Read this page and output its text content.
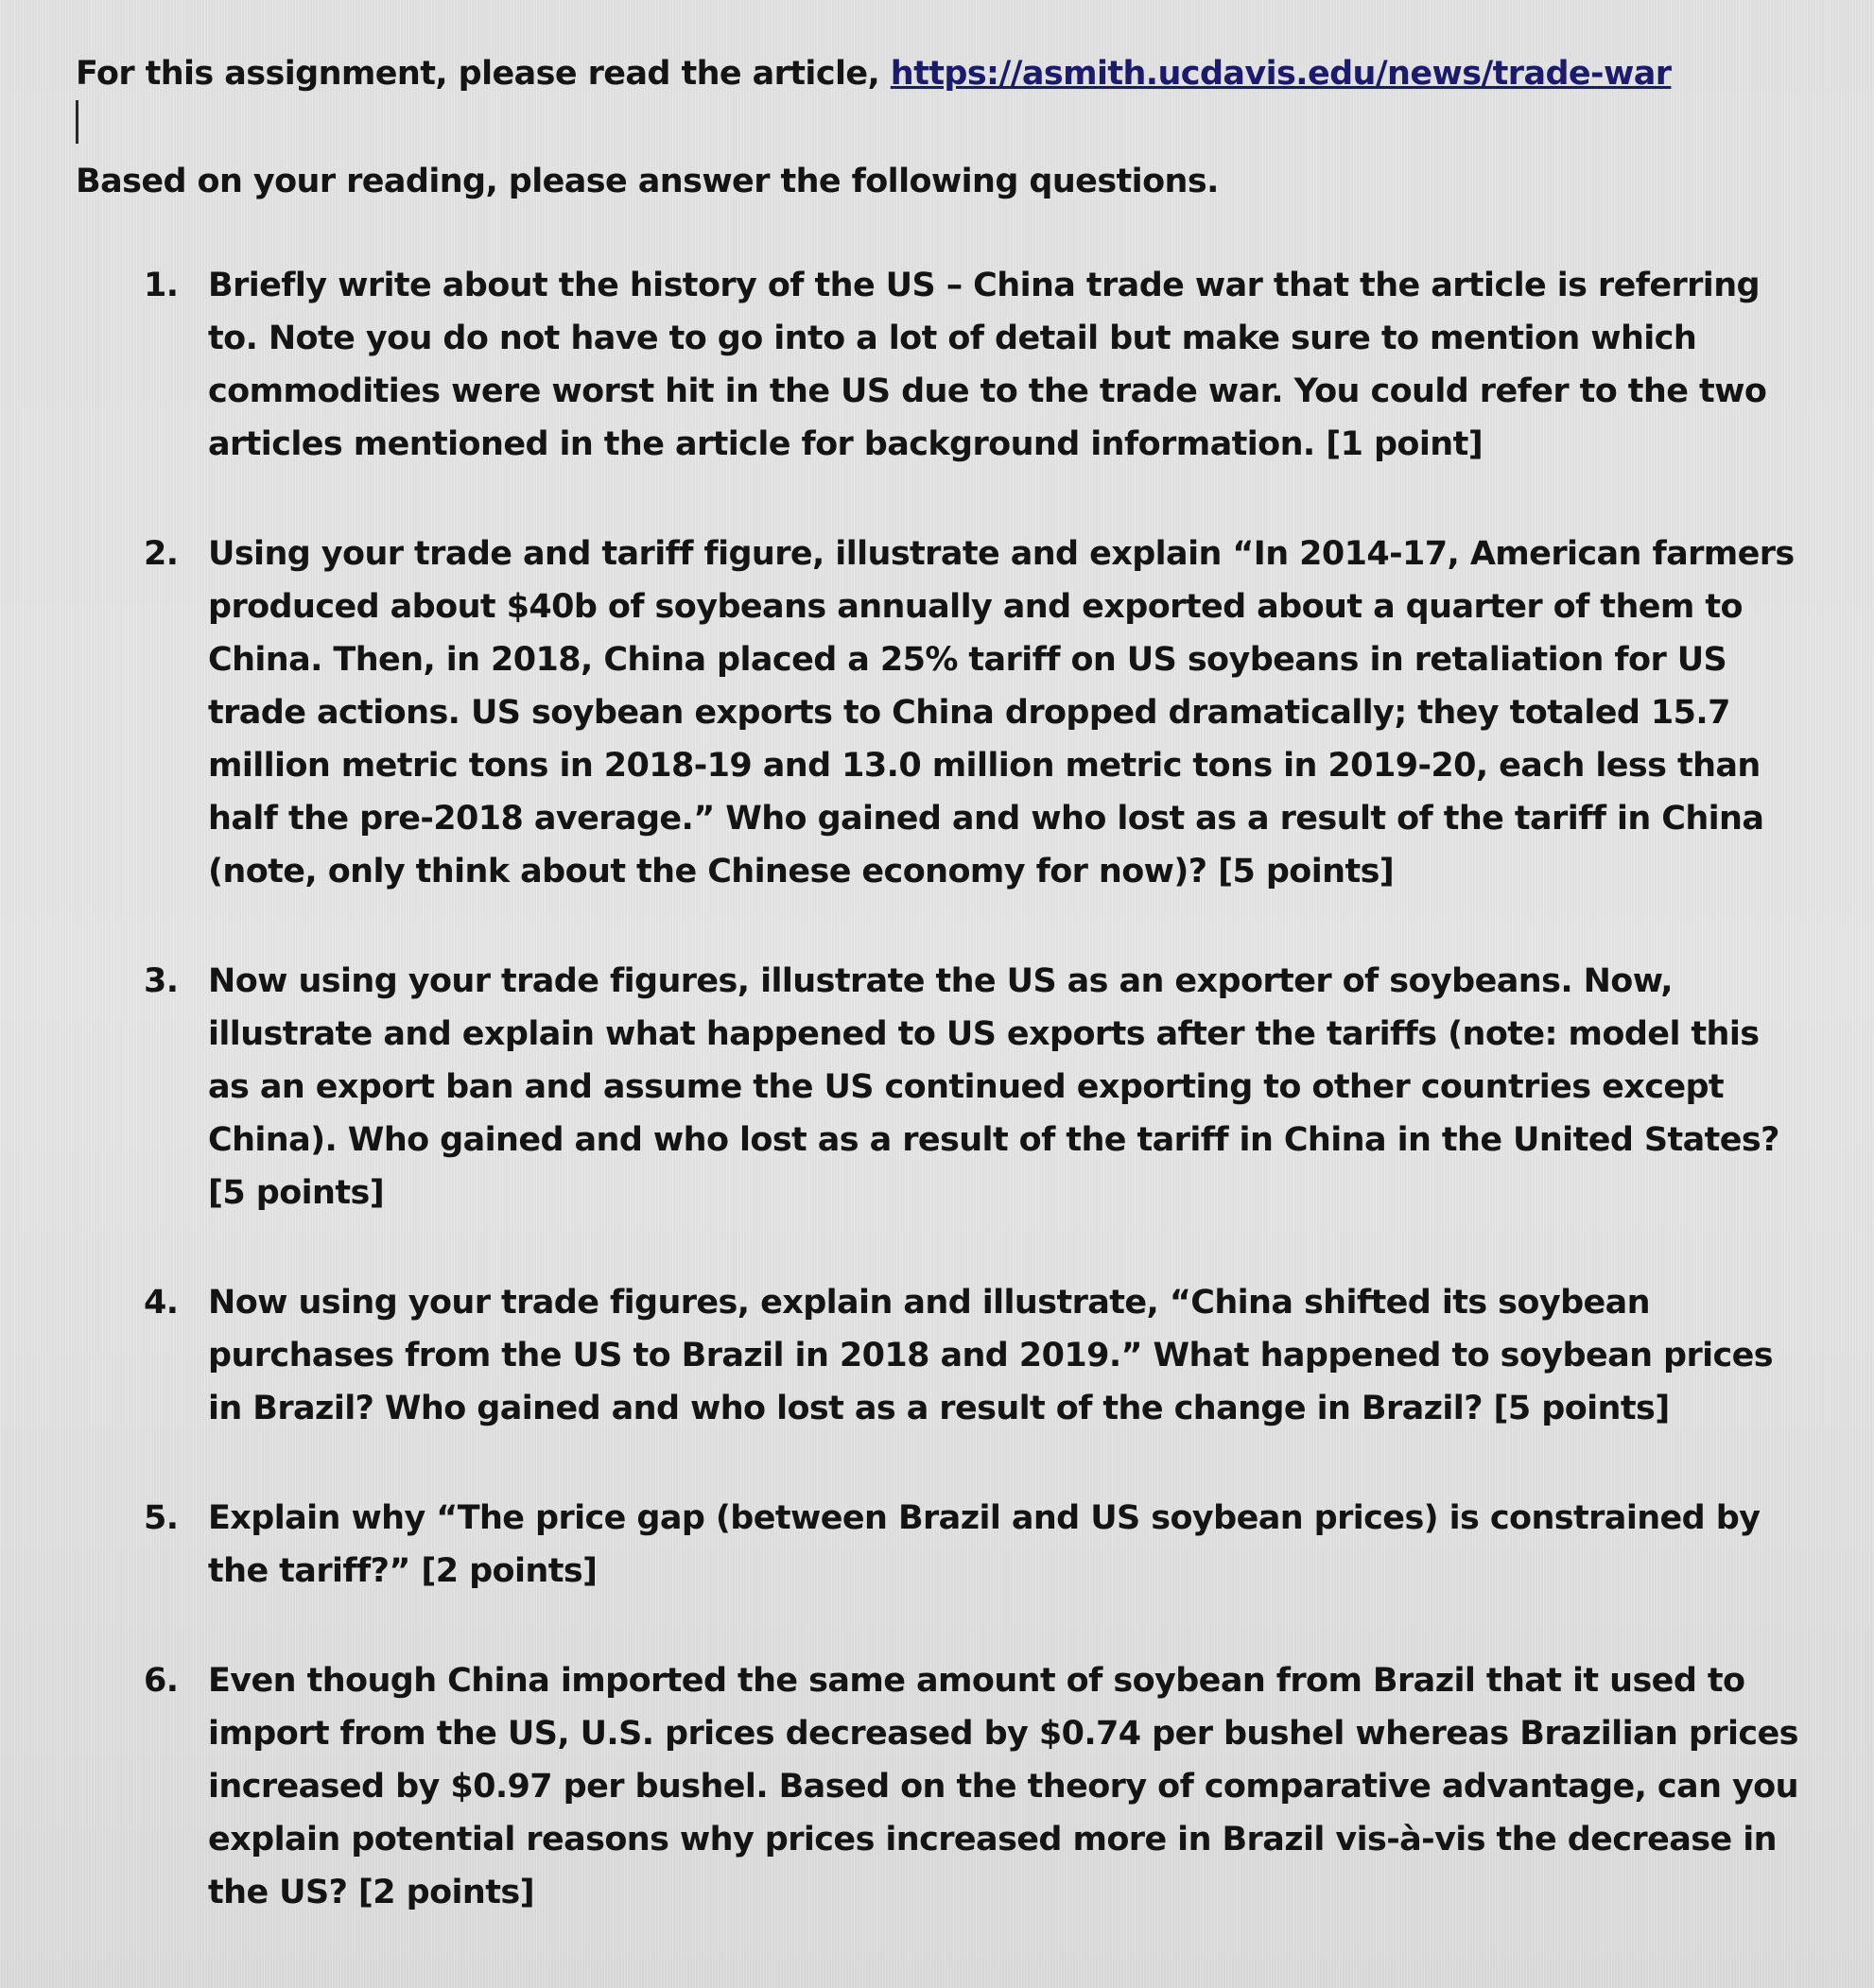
For this assignment, please read the article, https://asmith.ucdavis.edu/news/trade-war
Based on your reading, please answer the following questions.
1. Briefly write about the history of the US – China trade war that the article is referring to. Note you do not have to go into a lot of detail but make sure to mention which commodities were worst hit in the US due to the trade war. You could refer to the two articles mentioned in the article for background information. [1 point]
2. Using your trade and tariff figure, illustrate and explain “In 2014-17, American farmers produced about $40b of soybeans annually and exported about a quarter of them to China. Then, in 2018, China placed a 25% tariff on US soybeans in retaliation for US trade actions. US soybean exports to China dropped dramatically; they totaled 15.7 million metric tons in 2018-19 and 13.0 million metric tons in 2019-20, each less than half the pre-2018 average.” Who gained and who lost as a result of the tariff in China (note, only think about the Chinese economy for now)? [5 points]
3. Now using your trade figures, illustrate the US as an exporter of soybeans. Now, illustrate and explain what happened to US exports after the tariffs (note: model this as an export ban and assume the US continued exporting to other countries except China). Who gained and who lost as a result of the tariff in China in the United States? [5 points]
4. Now using your trade figures, explain and illustrate, “China shifted its soybean purchases from the US to Brazil in 2018 and 2019.” What happened to soybean prices in Brazil? Who gained and who lost as a result of the change in Brazil? [5 points]
5. Explain why “The price gap (between Brazil and US soybean prices) is constrained by the tariff?” [2 points]
6. Even though China imported the same amount of soybean from Brazil that it used to import from the US, U.S. prices decreased by $0.74 per bushel whereas Brazilian prices increased by $0.97 per bushel. Based on the theory of comparative advantage, can you explain potential reasons why prices increased more in Brazil vis-à-vis the decrease in the US? [2 points]
